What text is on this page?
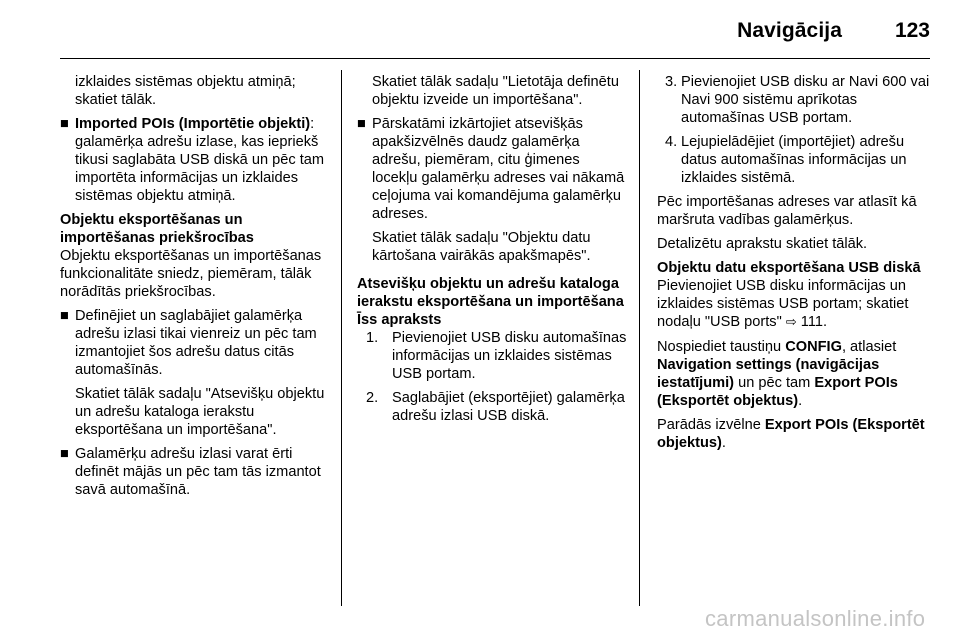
Navigācija	123

izklaides sistēmas objektu atmiņā; skatiet tālāk.

■ Imported POIs (Importētie objekti): galamērķa adrešu izlase, kas iepriekš tikusi saglabāta USB diskā un pēc tam importēta informācijas un izklaides sistēmas objektu atmiņā.
Objektu eksportēšanas un importēšanas priekšrocības

Objektu eksportēšanas un importēšanas funkcionalitāte sniedz, piemēram, tālāk norādītās priekšrocības.

■ Definējiet un saglabājiet galamērķa adrešu izlasi tikai vienreiz un pēc tam izmantojiet šos adrešu datus citās automašīnās.

Skatiet tālāk sadaļu "Atsevišķu objektu un adrešu kataloga ierakstu eksportēšana un importēšana".

■ Galamērķu adrešu izlasi varat ērti definēt mājās un pēc tam tās izmantot savā automašīnā.

Skatiet tālāk sadaļu "Lietotāja definētu objektu izveide un importēšana".

■ Pārskatāmi izkārtojiet atsevišķās apakšizvēlnēs daudz galamērķa adrešu, piemēram, citu ģimenes locekļu galamērķu adreses vai nākamā ceļojuma vai komandējuma galamērķu adreses.

Skatiet tālāk sadaļu "Objektu datu kārtošana vairākās apakšmapēs".

Atsevišķu objektu un adrešu kataloga ierakstu eksportēšana un importēšana
Īss apraksts
1. Pievienojiet USB disku automašīnas informācijas un izklaides sistēmas USB portam.
2. Saglabājiet (eksportējiet) galamērķa adrešu izlasi USB diskā.
3. Pievienojiet USB disku ar Navi 600 vai Navi 900 sistēmu aprīkotas automašīnas USB portam.
4. Lejupielādējiet (importējiet) adrešu datus automašīnas informācijas un izklaides sistēmā.

Pēc importēšanas adreses var atlasīt kā maršruta vadības galamērķus.

Detalizētu aprakstu skatiet tālāk.

Objektu datu eksportēšana USB diskā

Pievienojiet USB disku informācijas un izklaides sistēmas USB portam; skatiet nodaļu "USB ports" ⇨ 111.

Nospiediet taustiņu CONFIG, atlasiet Navigation settings (navigācijas iestatījumi) un pēc tam Export POIs (Eksportēt objektus).

Parādās izvēlne Export POIs (Eksportēt objektus).

carmanualsonline.info
